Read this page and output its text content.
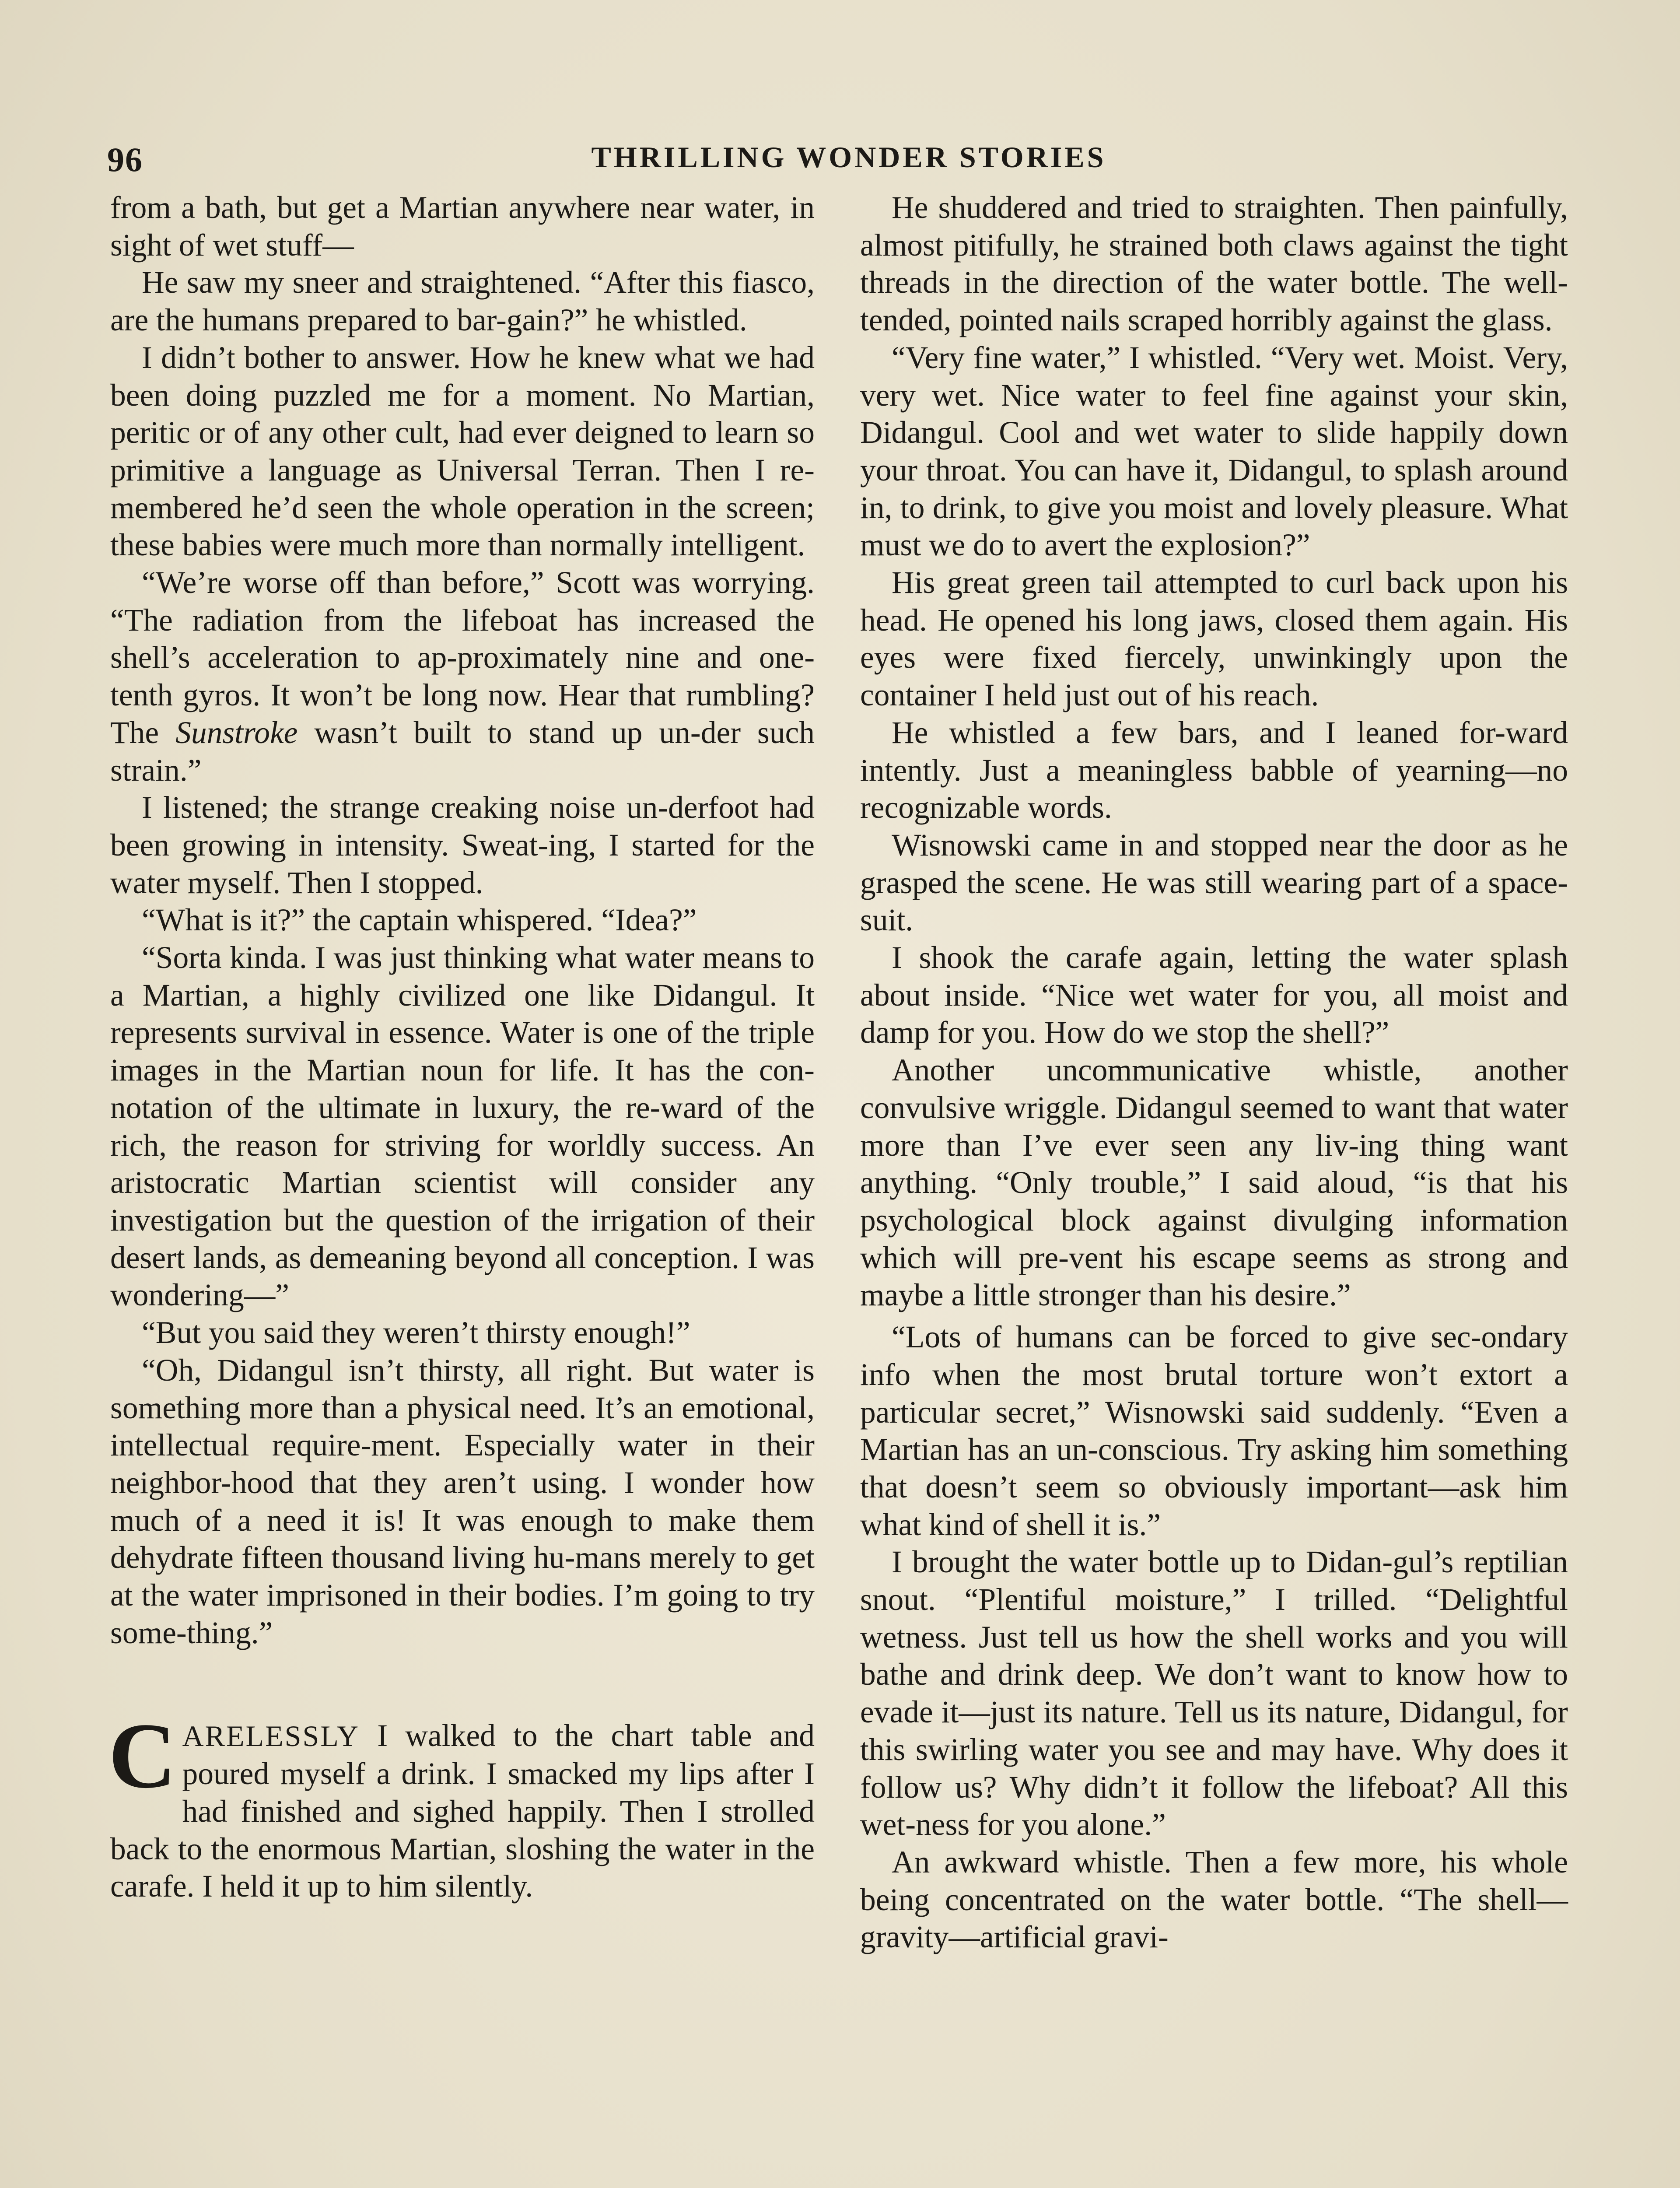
96	THRILLING WONDER STORIES

from a bath, but get a Martian anywhere near water, in sight of wet stuff—

He saw my sneer and straightened. “After this fiasco, are the humans prepared to bar-gain?” he whistled.

I didn’t bother to answer. How he knew what we had been doing puzzled me for a moment. No Martian, peritic or of any other cult, had ever deigned to learn so primitive a language as Universal Terran. Then I re-membered he’d seen the whole operation in the screen; these babies were much more than normally intelligent.

“We’re worse off than before,” Scott was worrying. “The radiation from the lifeboat has increased the shell’s acceleration to ap-proximately nine and one-tenth gyros. It won’t be long now. Hear that rumbling? The Sunstroke wasn’t built to stand up un-der such strain.”

I listened; the strange creaking noise un-derfoot had been growing in intensity. Sweat-ing, I started for the water myself. Then I stopped.

“What is it?” the captain whispered. “Idea?”

“Sorta kinda. I was just thinking what water means to a Martian, a highly civilized one like Didangul. It represents survival in essence. Water is one of the triple images in the Martian noun for life. It has the con-notation of the ultimate in luxury, the re-ward of the rich, the reason for striving for worldly success. An aristocratic Martian scientist will consider any investigation but the question of the irrigation of their desert lands, as demeaning beyond all conception. I was wondering—”

“But you said they weren’t thirsty enough!”

“Oh, Didangul isn’t thirsty, all right. But water is something more than a physical need. It’s an emotional, intellectual require-ment. Especially water in their neighbor-hood that they aren’t using. I wonder how much of a need it is! It was enough to make them dehydrate fifteen thousand living hu-mans merely to get at the water imprisoned in their bodies. I’m going to try some-thing.”

CARELESSLY I walked to the chart table and poured myself a drink. I smacked my lips after I had finished and sighed happily. Then I strolled back to the enormous Martian, sloshing the water in the carafe. I held it up to him silently.

He shuddered and tried to straighten. Then painfully, almost pitifully, he strained both claws against the tight threads in the direction of the water bottle. The well-tended, pointed nails scraped horribly against the glass.

“Very fine water,” I whistled. “Very wet. Moist. Very, very wet. Nice water to feel fine against your skin, Didangul. Cool and wet water to slide happily down your throat. You can have it, Didangul, to splash around in, to drink, to give you moist and lovely pleasure. What must we do to avert the explosion?”

His great green tail attempted to curl back upon his head. He opened his long jaws, closed them again. His eyes were fixed fiercely, unwinkingly upon the container I held just out of his reach.

He whistled a few bars, and I leaned for-ward intently. Just a meaningless babble of yearning—no recognizable words.

Wisnowski came in and stopped near the door as he grasped the scene. He was still wearing part of a space-suit.

I shook the carafe again, letting the water splash about inside. “Nice wet water for you, all moist and damp for you. How do we stop the shell?”

Another uncommunicative whistle, another convulsive wriggle. Didangul seemed to want that water more than I’ve ever seen any liv-ing thing want anything. “Only trouble,” I said aloud, “is that his psychological block against divulging information which will pre-vent his escape seems as strong and maybe a little stronger than his desire.”

“Lots of humans can be forced to give sec-ondary info when the most brutal torture won’t extort a particular secret,” Wisnowski said suddenly. “Even a Martian has an un-conscious. Try asking him something that doesn’t seem so obviously important—ask him what kind of shell it is.”

I brought the water bottle up to Didan-gul’s reptilian snout. “Plentiful moisture,” I trilled. “Delightful wetness. Just tell us how the shell works and you will bathe and drink deep. We don’t want to know how to evade it—just its nature. Tell us its nature, Didangul, for this swirling water you see and may have. Why does it follow us? Why didn’t it follow the lifeboat? All this wet-ness for you alone.”

An awkward whistle. Then a few more, his whole being concentrated on the water bottle. “The shell—gravity—artificial gravi-
